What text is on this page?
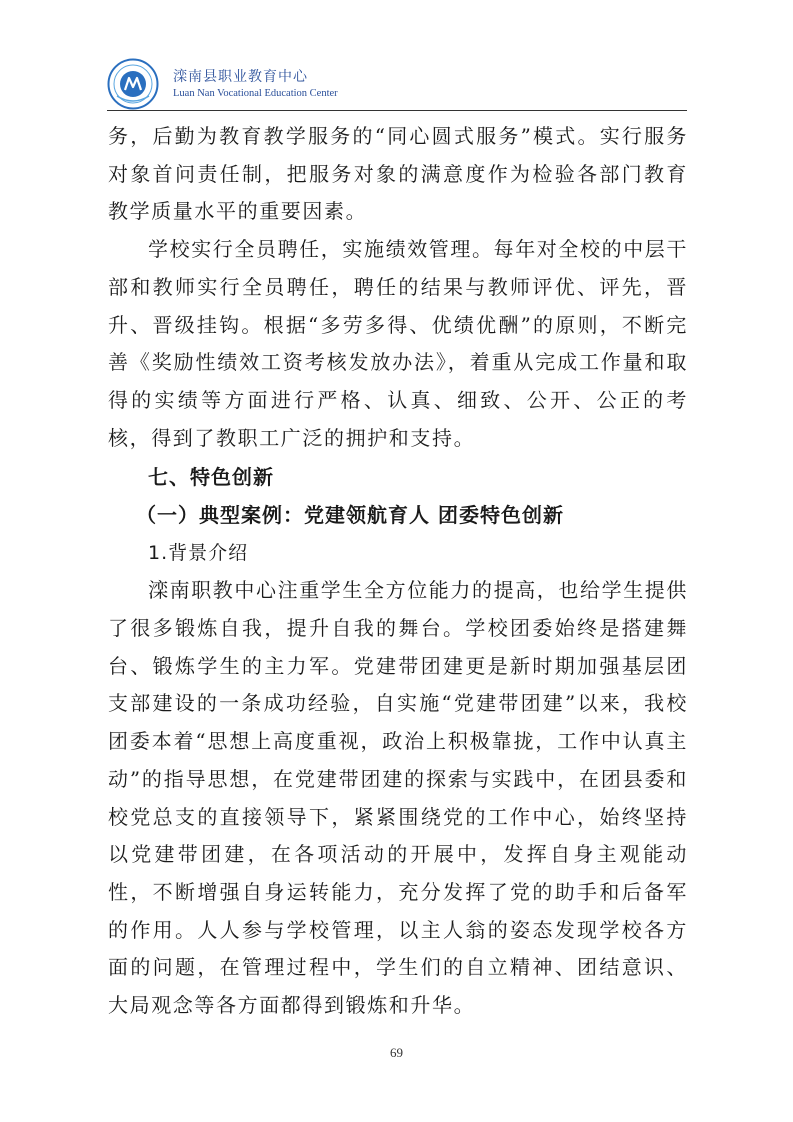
滦南县职业教育中心
Luan Nan Vocational Education Center

务，后勤为教育教学服务的“同心圆式服务”模式。实行服务对象首问责任制，把服务对象的满意度作为检验各部门教育教学质量水平的重要因素。

学校实行全员聘任，实施绩效管理。每年对全校的中层干部和教师实行全员聘任，聘任的结果与教师评优、评先，晋升、晋级挂钩。根据“多劳多得、优绩优酬”的原则，不断完善《奖励性绩效工资考核发放办法》，着重从完成工作量和取得的实绩等方面进行严格、认真、细致、公开、公正的考核，得到了教职工广泛的拥护和支持。

七、特色创新
（一）典型案例：党建领航育人 团委特色创新
1.背景介绍

滦南职教中心注重学生全方位能力的提高，也给学生提供了很多锻炼自我，提升自我的舞台。学校团委始终是搭建舞台、锻炼学生的主力军。党建带团建更是新时期加强基层团支部建设的一条成功经验，自实施“党建带团建”以来，我校团委本着“思想上高度重视，政治上积极靠拢，工作中认真主动”的指导思想，在党建带团建的探索与实践中，在团县委和校党总支的直接领导下，紧紧围绕党的工作中心，始终坚持以党建带团建，在各项活动的开展中，发挥自身主观能动性，不断增强自身运转能力，充分发挥了党的助手和后备军的作用。人人参与学校管理，以主人翁的姿态发现学校各方面的问题，在管理过程中，学生们的自立精神、团结意识、大局观念等各方面都得到锻炼和升华。

69
